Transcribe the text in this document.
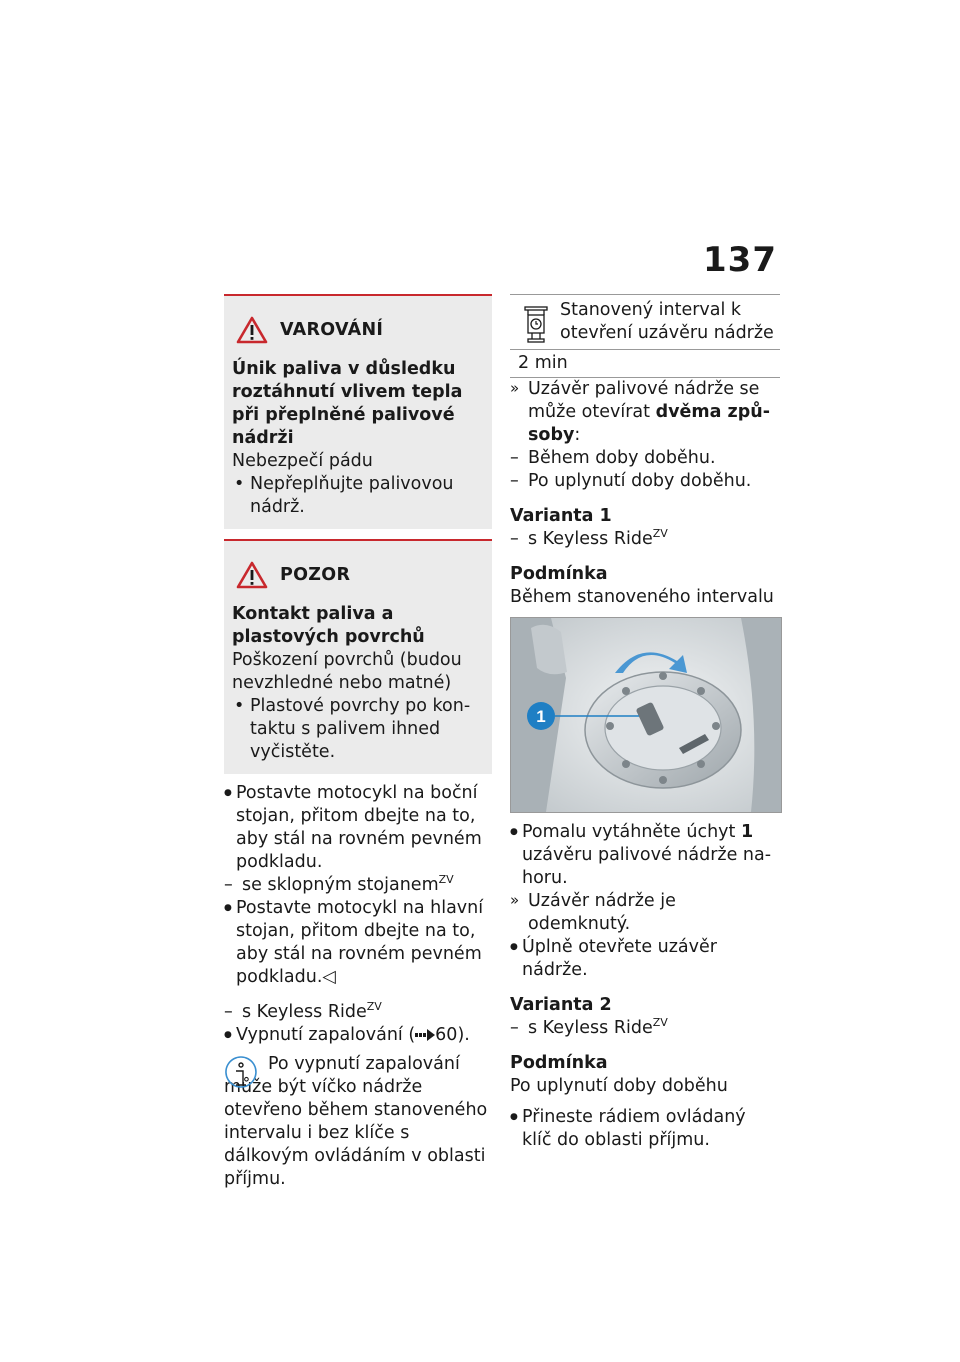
137
VAROVÁNÍ
Únik paliva v důsledku roztáhnutí vlivem tepla při přeplněné palivové nádrži
Nebezpečí pádu
• Nepřeplňujte palivovou nádrž.
POZOR
Kontakt paliva a plastových povrchů
Poškození povrchů (budou nevzhledné nebo matné)
• Plastové povrchy po kontaktu s palivem ihned vyčistěte.
● Postavte motocykl na boční stojan, přitom dbejte na to, aby stál na rovném pevném podkladu.
– se sklopným stojanem$^{ZV}$
● Postavte motocykl na hlavní stojan, přitom dbejte na to, aby stál na rovném pevném podkladu.◁
– s Keyless Ride$^{ZV}$
● Vypnutí zapalování ( 60).
Po vypnutí zapalování může být víčko nádrže otevřeno během stanoveného intervalu i bez klíče s dálkovým ovládáním v oblasti příjmu.
Stanovený interval k otevření uzávěru nádrže
2 min
» Uzávěr palivové nádrže se může otevírat dvěma způsoby:
– Během doby doběhu.
– Po uplynutí doby doběhu.
Varianta 1
– s Keyless Ride$^{ZV}$
Podmínka
Během stanoveného intervalu
1
● Pomalu vytáhněte úchyt 1 uzávěru palivové nádrže nahoru.
» Uzávěr nádrže je odemknutý.
● Úplně otevřete uzávěr nádrže.
Varianta 2
– s Keyless Ride$^{ZV}$
Podmínka
Po uplynutí doby doběhu
● Přineste rádiem ovládaný klíč do oblasti příjmu.
